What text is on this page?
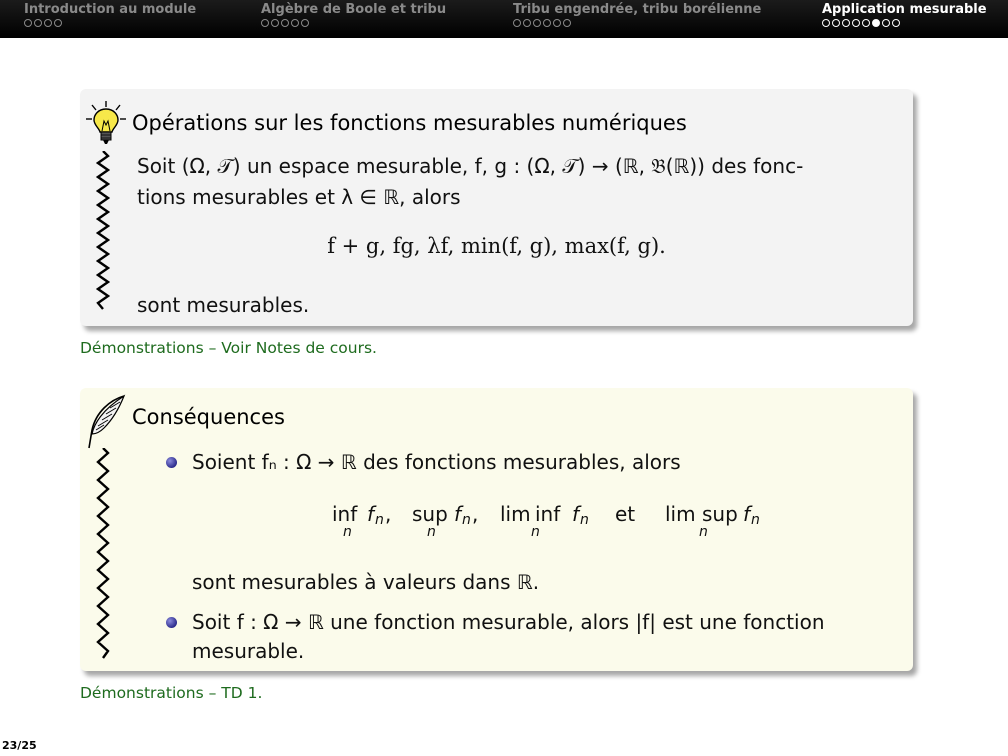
Introduction au module	Algèbre de Boole et tribu	Tribu engendrée, tribu borélienne	Application mesurable
Opérations sur les fonctions mesurables numériques
Soit (Ω, 𝒯) un espace mesurable, f, g : (Ω, 𝒯) → (ℝ, 𝔅(ℝ)) des fonc-
tions mesurables et λ ∈ ℝ, alors
f + g, fg, λf, min(f, g), max(f, g).
sont mesurables.
Démonstrations – Voir Notes de cours.
Conséquences
Soient fₙ : Ω → ℝ des fonctions mesurables, alors
inf
n
f n , sup
n
f n , lim inf
n
f n et lim sup
n
f n
sont mesurables à valeurs dans ℝ.
Soit f : Ω → ℝ une fonction mesurable, alors |f| est une fonction
mesurable.
Démonstrations – TD 1.
23/25
